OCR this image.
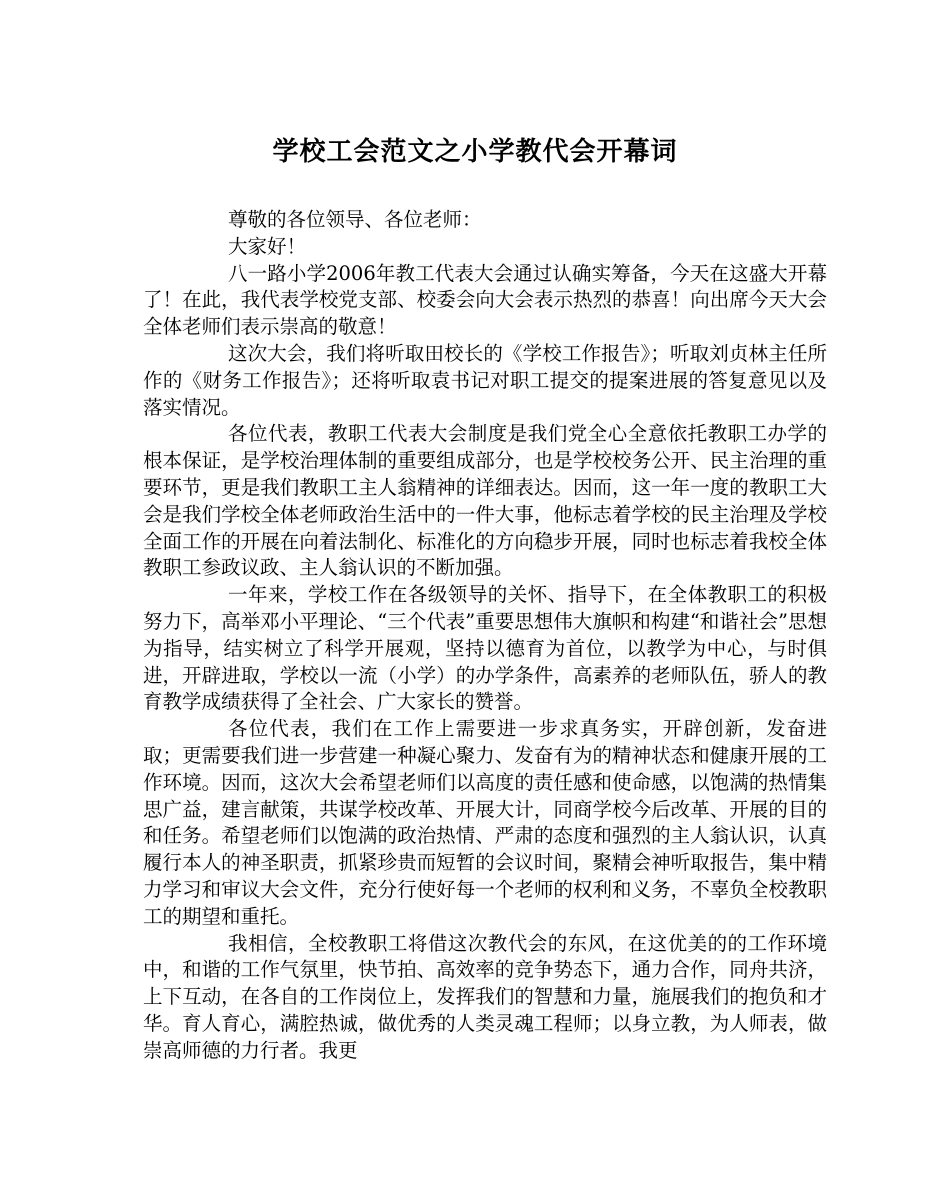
学校工会范文之小学教代会开幕词

尊敬的各位领导、各位老师：

大家好！

八一路小学2006年教工代表大会通过认确实筹备，今天在这盛大开幕了！在此，我代表学校党支部、校委会向大会表示热烈的恭喜！向出席今天大会全体老师们表示崇高的敬意！

这次大会，我们将听取田校长的《学校工作报告》；听取刘贞林主任所作的《财务工作报告》；还将听取袁书记对职工提交的提案进展的答复意见以及落实情况。

各位代表，教职工代表大会制度是我们党全心全意依托教职工办学的根本保证，是学校治理体制的重要组成部分，也是学校校务公开、民主治理的重要环节，更是我们教职工主人翁精神的详细表达。因而，这一年一度的教职工大会是我们学校全体老师政治生活中的一件大事，他标志着学校的民主治理及学校全面工作的开展在向着法制化、标准化的方向稳步开展，同时也标志着我校全体教职工参政议政、主人翁认识的不断加强。

一年来，学校工作在各级领导的关怀、指导下，在全体教职工的积极努力下，高举邓小平理论、“三个代表”重要思想伟大旗帜和构建“和谐社会”思想为指导，结实树立了科学开展观，坚持以德育为首位，以教学为中心，与时俱进，开辟进取，学校以一流（小学）的办学条件，高素养的老师队伍，骄人的教育教学成绩获得了全社会、广大家长的赞誉。

各位代表，我们在工作上需要进一步求真务实，开辟创新，发奋进取；更需要我们进一步营建一种凝心聚力、发奋有为的精神状态和健康开展的工作环境。因而，这次大会希望老师们以高度的责任感和使命感，以饱满的热情集思广益，建言献策，共谋学校改革、开展大计，同商学校今后改革、开展的目的和任务。希望老师们以饱满的政治热情、严肃的态度和强烈的主人翁认识，认真履行本人的神圣职责，抓紧珍贵而短暂的会议时间，聚精会神听取报告，集中精力学习和审议大会文件，充分行使好每一个老师的权利和义务，不辜负全校教职工的期望和重托。

我相信，全校教职工将借这次教代会的东风，在这优美的的工作环境中，和谐的工作气氛里，快节拍、高效率的竞争势态下，通力合作，同舟共济，上下互动，在各自的工作岗位上，发挥我们的智慧和力量，施展我们的抱负和才华。育人育心，满腔热诚，做优秀的人类灵魂工程师；以身立教，为人师表，做崇高师德的力行者。我更
